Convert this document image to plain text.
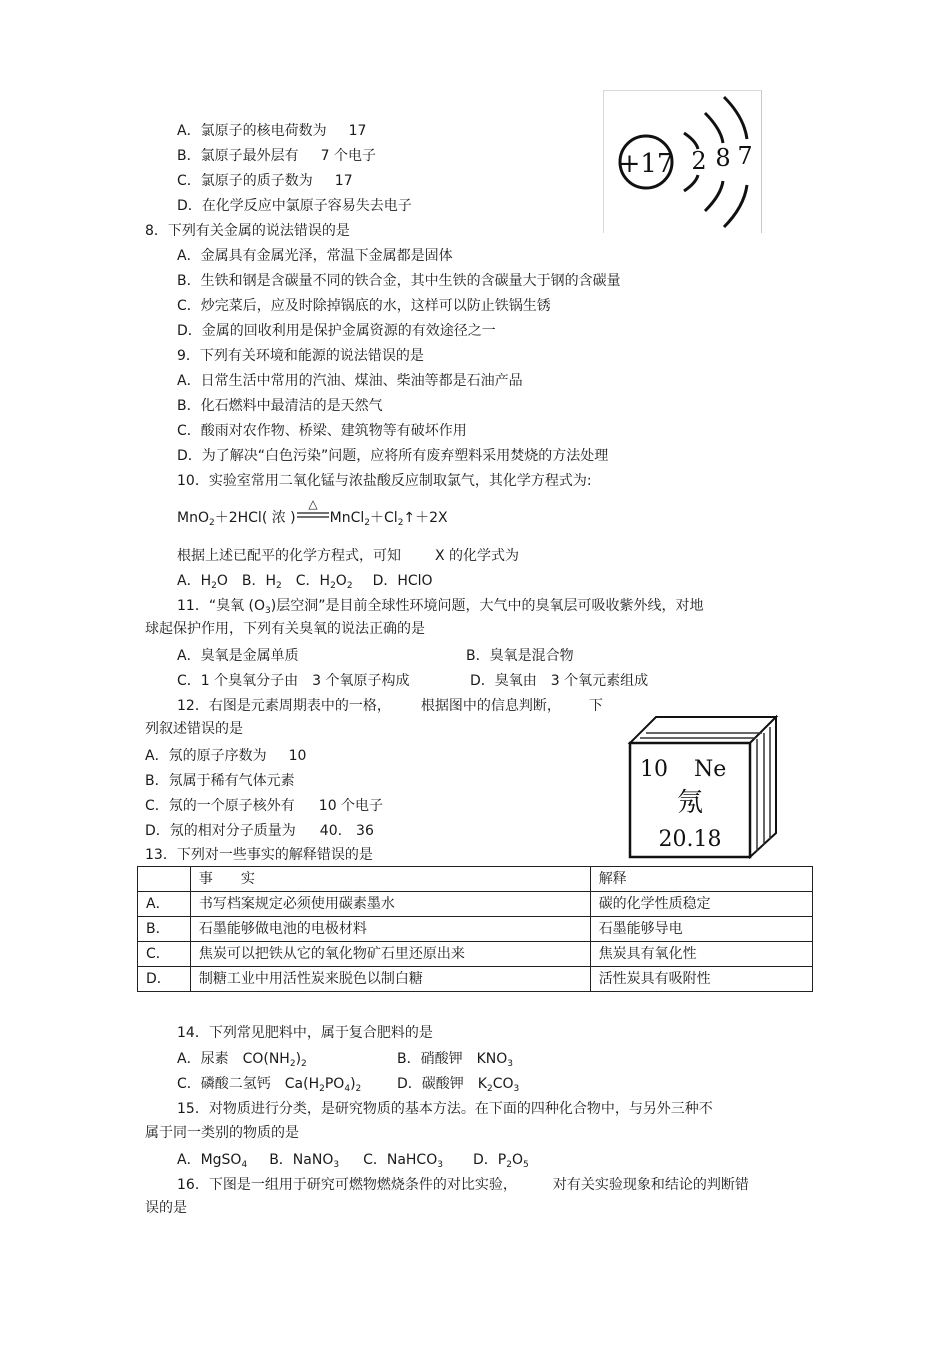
A．氯原子的核电荷数为 17
B．氯原子最外层有 7 个电子
C．氯原子的质子数为 17
D．在化学反应中氯原子容易失去电子
+17 2 8 7
8．下列有关金属的说法错误的是
A．金属具有金属光泽，常温下金属都是固体
B．生铁和钢是含碳量不同的铁合金，其中生铁的含碳量大于钢的含碳量
C．炒完菜后，应及时除掉锅底的水，这样可以防止铁锅生锈
D．金属的回收利用是保护金属资源的有效途径之一
9．下列有关环境和能源的说法错误的是
A．日常生活中常用的汽油、煤油、柴油等都是石油产品
B．化石燃料中最清洁的是天然气
C．酸雨对农作物、桥梁、建筑物等有破坏作用
D．为了解决“白色污染”问题，应将所有废弃塑料采用焚烧的方法处理
10．实验室常用二氧化锰与浓盐酸反应制取氯气，其化学方程式为:
MnO$_2$＋2HCl( 浓 )
△
$MnCl_2+Cl_2↑+2X$
根据上述已配平的化学方程式，可知 X 的化学式为
A．$H_2O$ B．$H_2$ C．$H_2O_2$ D．HClO
11．“臭氧 $(O_3)$层空洞”是目前全球性环境问题，大气中的臭氧层可吸收紫外线，对地
球起保护作用，下列有关臭氧的说法正确的是
A．臭氧是金属单质	B．臭氧是混合物
C．1 个臭氧分子由　3 个氧原子构成	D．臭氧由　3 个氧元素组成
12．右图是元素周期表中的一格， 根据图中的信息判断， 下
列叙述错误的是
A．氖的原子序数为 10
B．氖属于稀有气体元素
C．氖的一个原子核外有 10 个电子
D．氖的相对分子质量为 40.　36
10 Ne
氖
20.18
13．下列对一些事实的解释错误的是
	事　　实	解释
A．	书写档案规定必须使用碳素墨水	碳的化学性质稳定
B．	石墨能够做电池的电极材料	石墨能够导电
C．	焦炭可以把铁从它的氧化物矿石里还原出来	焦炭具有氧化性
D．	制糖工业中用活性炭来脱色以制白糖	活性炭具有吸附性
14．下列常见肥料中，属于复合肥料的是
A．尿素　$CO(NH_2)_2$	B．硝酸钾　$KNO_3$
C．磷酸二氢钙　$Ca(H_2PO_4)_2$	D．碳酸钾　$K_2CO_3$
15．对物质进行分类，是研究物质的基本方法。在下面的四种化合物中，与另外三种不
属于同一类别的物质的是
A．MgSO$_4$ B．NaNO$_3$ C．NaHCO$_3$ D．$P_2O_5$
16．下图是一组用于研究可燃物燃烧条件的对比实验，	对有关实验现象和结论的判断错
误的是
